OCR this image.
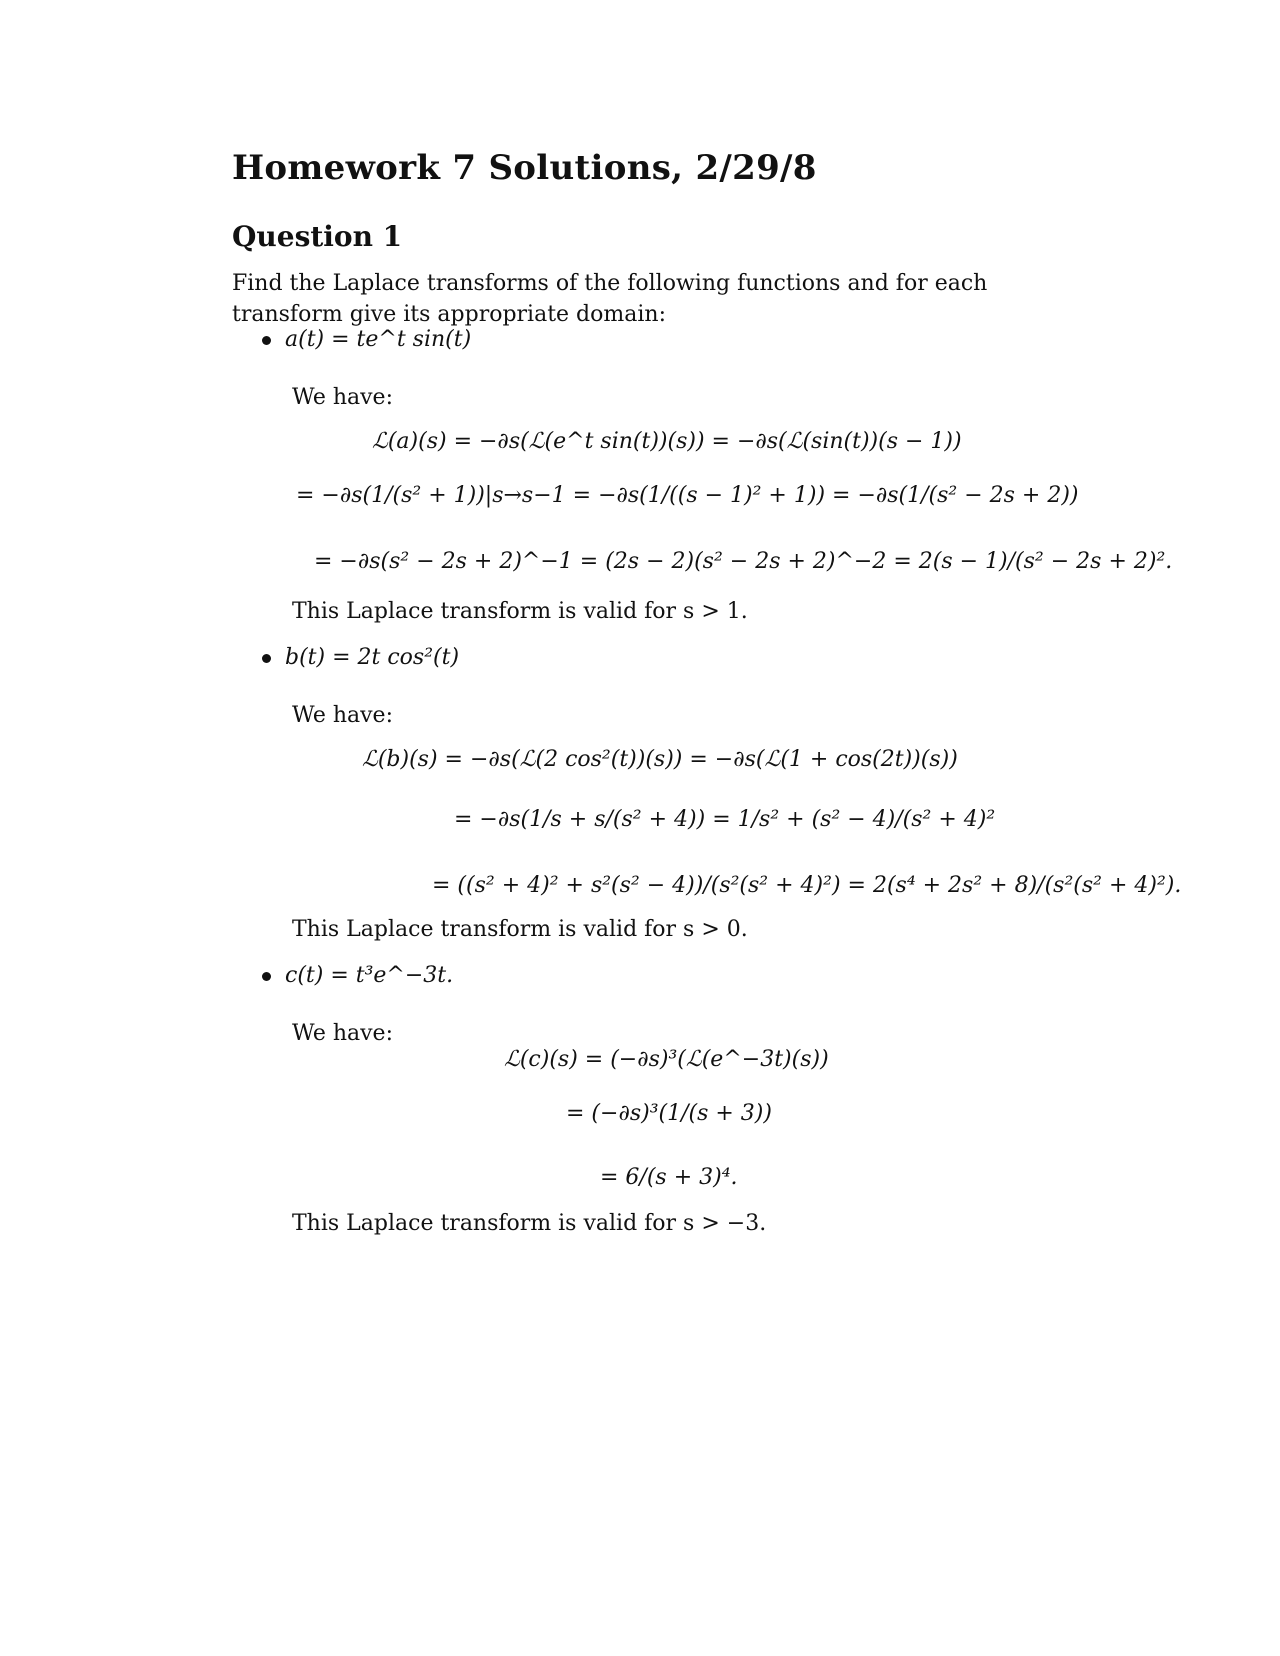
Homework 7 Solutions, 2/29/8
Question 1

Find the Laplace transforms of the following functions and for each transform give its appropriate domain:

a(t) = te^t sin(t)

We have:

ℒ(a)(s) = −∂s(ℒ(e^t sin(t))(s)) = −∂s(ℒ(sin(t))(s − 1))
= −∂s(1/(s² + 1))|s→s−1 = −∂s(1/((s − 1)² + 1)) = −∂s(1/(s² − 2s + 2))
= −∂s(s² − 2s + 2)^−1 = (2s − 2)(s² − 2s + 2)^−2 = 2(s − 1)/(s² − 2s + 2)².

This Laplace transform is valid for s > 1.

b(t) = 2t cos²(t)

We have:

ℒ(b)(s) = −∂s(ℒ(2 cos²(t))(s)) = −∂s(ℒ(1 + cos(2t))(s))
= −∂s(1/s + s/(s² + 4)) = 1/s² + (s² − 4)/(s² + 4)²
= ((s² + 4)² + s²(s² − 4))/(s²(s² + 4)²) = 2(s⁴ + 2s² + 8)/(s²(s² + 4)²).

This Laplace transform is valid for s > 0.

c(t) = t³e^−3t.

We have:

ℒ(c)(s) = (−∂s)³(ℒ(e^−3t)(s))
= (−∂s)³(1/(s + 3))
= 6/(s + 3)⁴.

This Laplace transform is valid for s > −3.
